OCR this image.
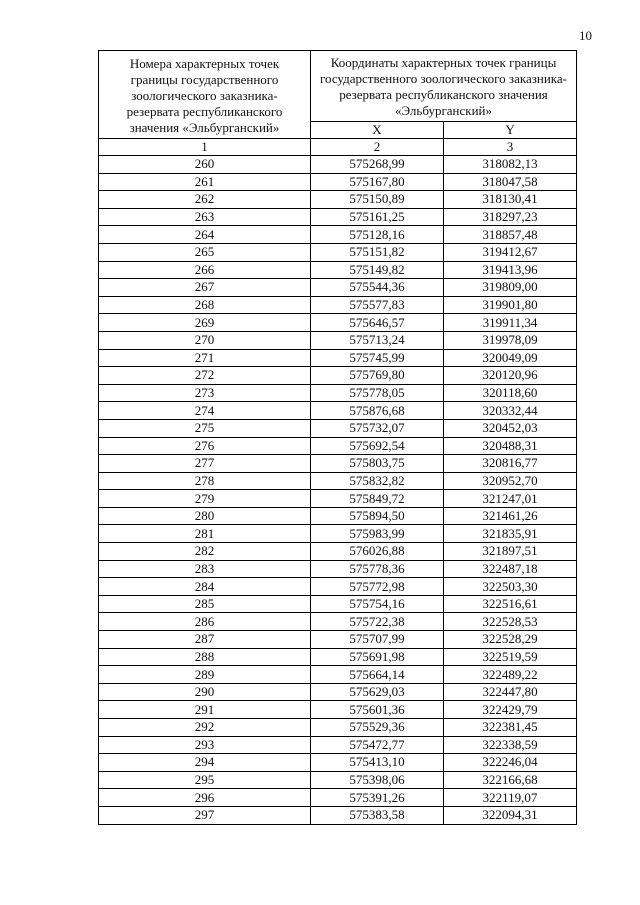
10
Номера характерных точек границы государственного зоологического заказника-резервата республиканского значения «Эльбурганский»	Координаты характерных точек границы государственного зоологического заказника-резервата республиканского значения «Эльбурганский»	
	X	Y
1	2	3
260	575268,99	318082,13
261	575167,80	318047,58
262	575150,89	318130,41
263	575161,25	318297,23
264	575128,16	318857,48
265	575151,82	319412,67
266	575149,82	319413,96
267	575544,36	319809,00
268	575577,83	319901,80
269	575646,57	319911,34
270	575713,24	319978,09
271	575745,99	320049,09
272	575769,80	320120,96
273	575778,05	320118,60
274	575876,68	320332,44
275	575732,07	320452,03
276	575692,54	320488,31
277	575803,75	320816,77
278	575832,82	320952,70
279	575849,72	321247,01
280	575894,50	321461,26
281	575983,99	321835,91
282	576026,88	321897,51
283	575778,36	322487,18
284	575772,98	322503,30
285	575754,16	322516,61
286	575722,38	322528,53
287	575707,99	322528,29
288	575691,98	322519,59
289	575664,14	322489,22
290	575629,03	322447,80
291	575601,36	322429,79
292	575529,36	322381,45
293	575472,77	322338,59
294	575413,10	322246,04
295	575398,06	322166,68
296	575391,26	322119,07
297	575383,58	322094,31
